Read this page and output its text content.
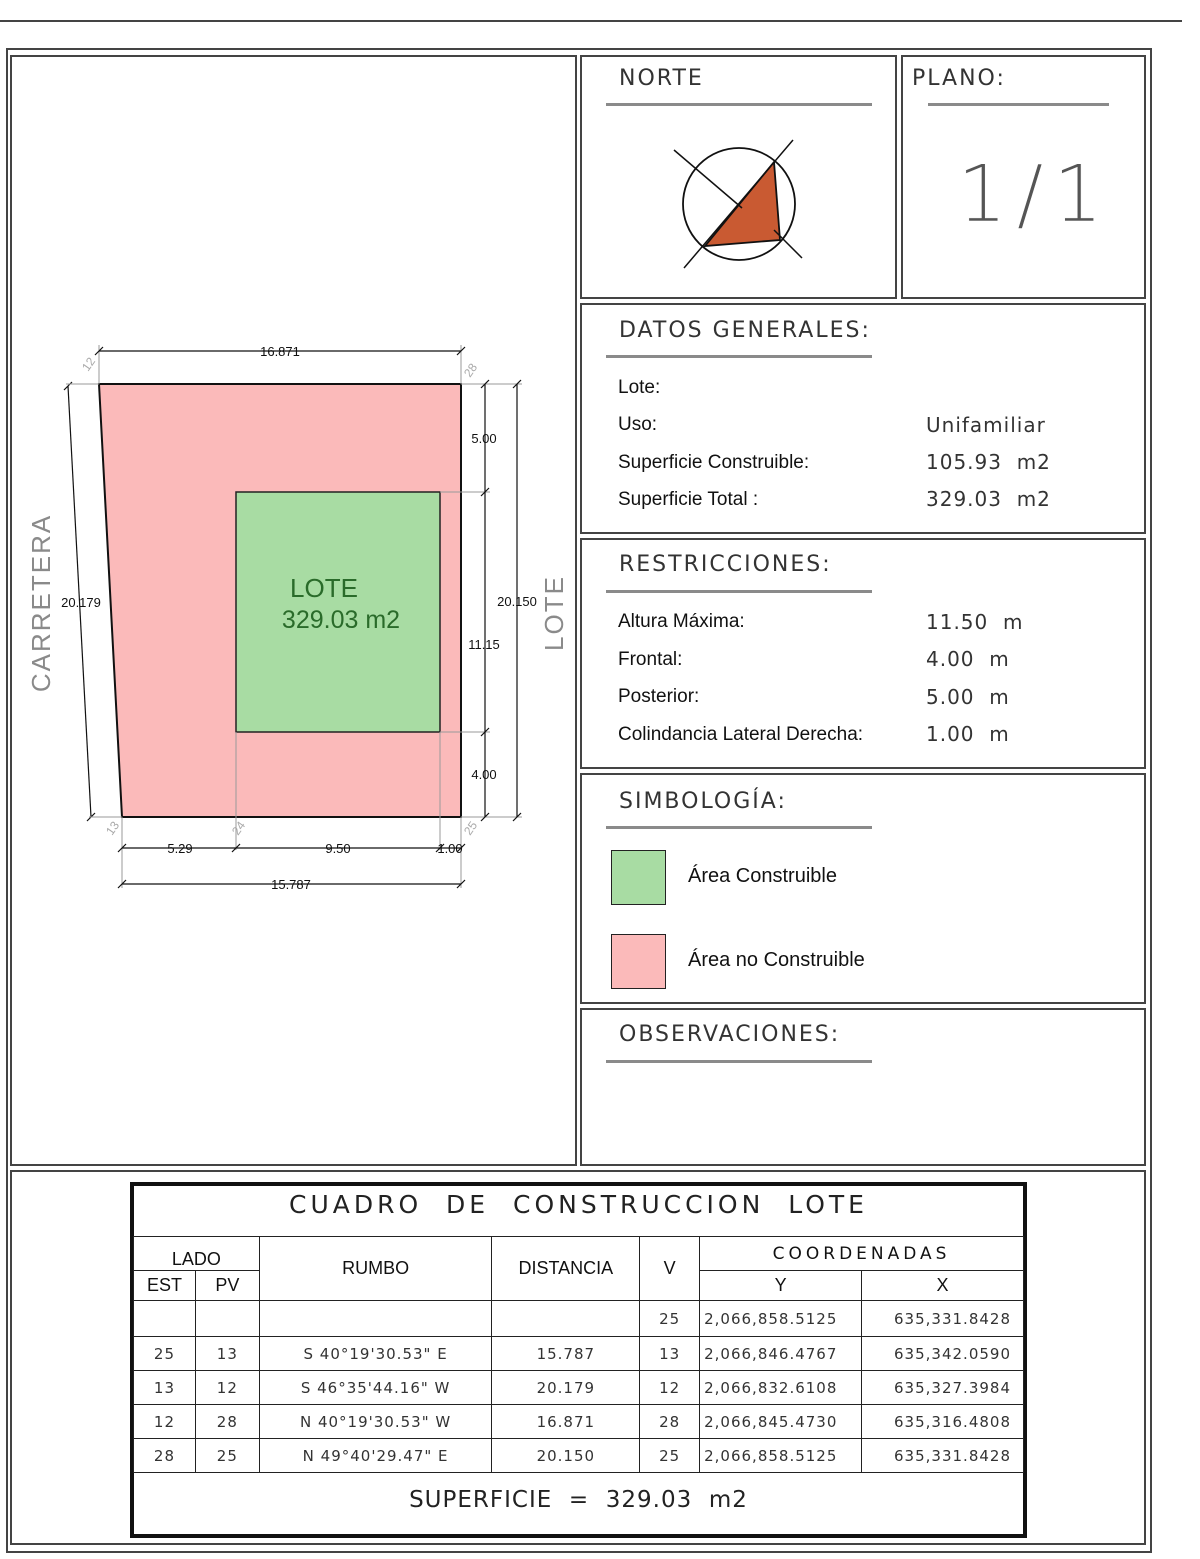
16.871
15.787
5.29	9.50	1.00
20.179	20.150
5.00
11.15
4.00
12	28
13	24	25
LOTE
329.03 m2
CARRETERA	LOTE
NORTE	PLANO:
1/1
DATOS GENERALES:
Lote:
Uso:	Unifamiliar
Superficie Construible:	105.93  m2
Superficie Total :	329.03  m2
RESTRICCIONES:
Altura Máxima:	11.50  m
Frontal:	4.00  m
Posterior:	5.00  m
Colindancia Lateral Derecha:	1.00  m
SIMBOLOGÍA:
Área Construible
Área no Construible
OBSERVACIONES:
CUADRO  DE  CONSTRUCCION  LOTE
LADO		RUMBO	DISTANCIA	V	COORDENADAS	
EST	PV				Y	X
				25	2,066,858.5125	635,331.8428
25	13	S 40°19'30.53" E	15.787	13	2,066,846.4767	635,342.0590
13	12	S 46°35'44.16" W	20.179	12	2,066,832.6108	635,327.3984
12	28	N 40°19'30.53" W	16.871	28	2,066,845.4730	635,316.4808
28	25	N 49°40'29.47" E	20.150	25	2,066,858.5125	635,331.8428
SUPERFICIE  =  329.03  m2
